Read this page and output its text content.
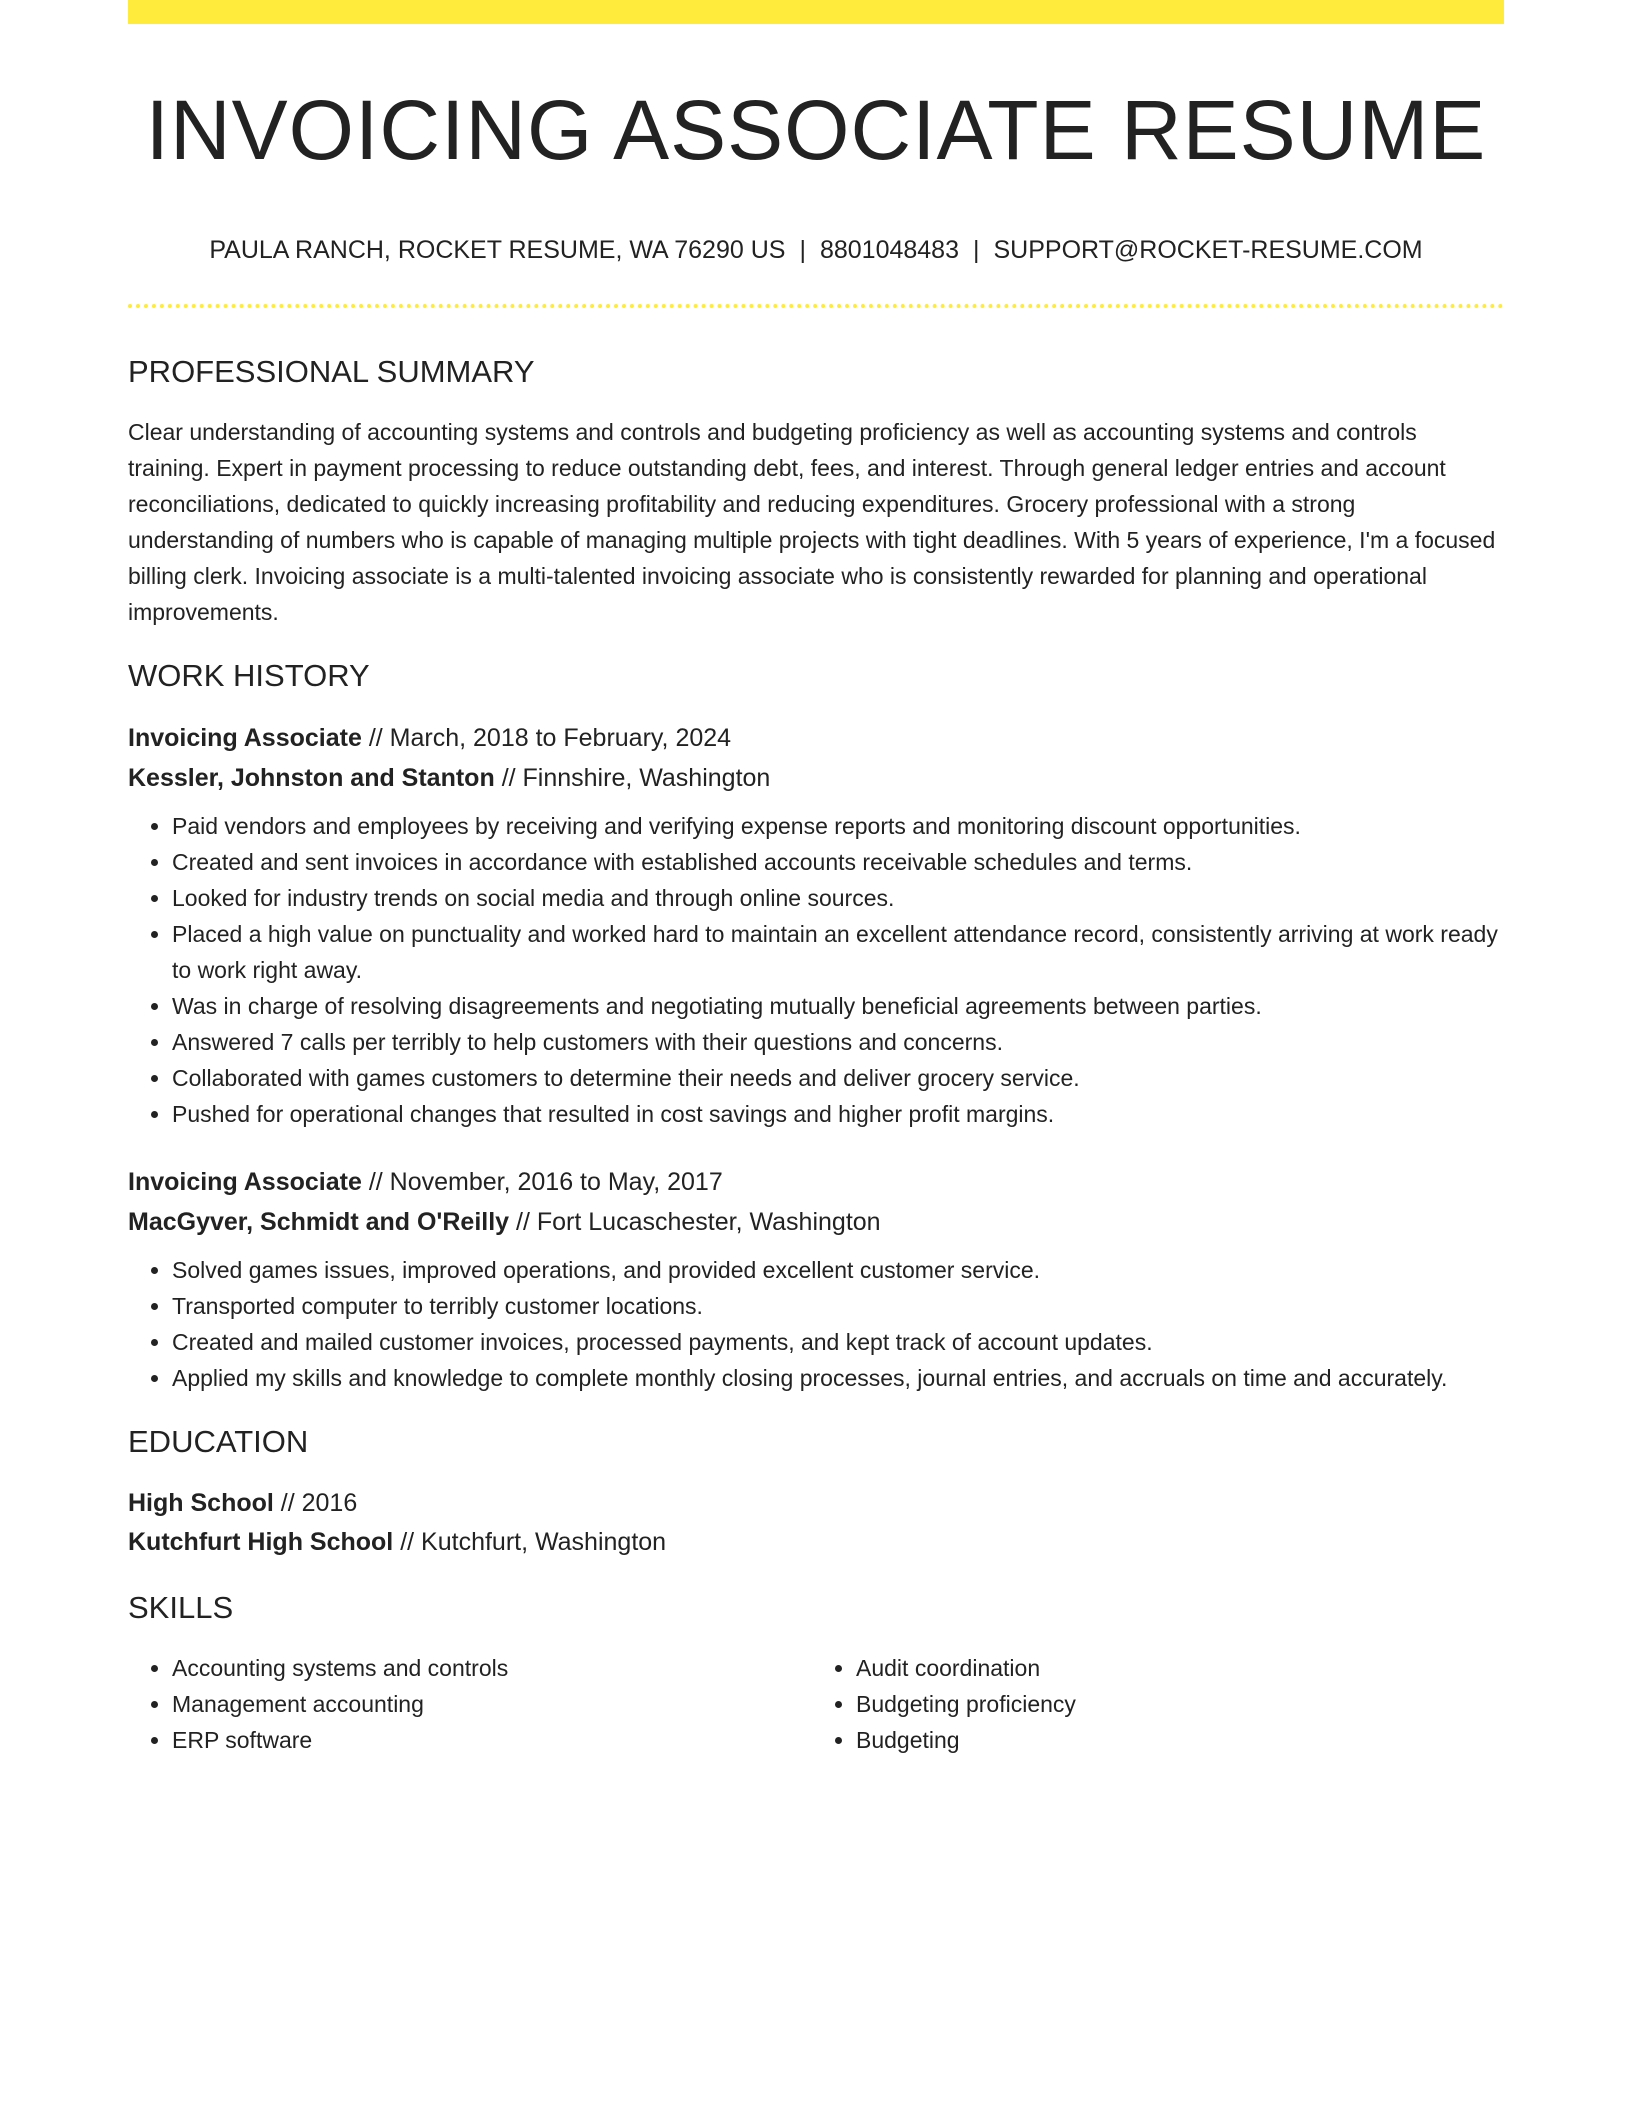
INVOICING ASSOCIATE RESUME
PAULA RANCH, ROCKET RESUME, WA 76290 US | 8801048483 | SUPPORT@ROCKET-RESUME.COM
PROFESSIONAL SUMMARY
Clear understanding of accounting systems and controls and budgeting proficiency as well as accounting systems and controls training. Expert in payment processing to reduce outstanding debt, fees, and interest. Through general ledger entries and account reconciliations, dedicated to quickly increasing profitability and reducing expenditures. Grocery professional with a strong understanding of numbers who is capable of managing multiple projects with tight deadlines. With 5 years of experience, I'm a focused billing clerk. Invoicing associate is a multi-talented invoicing associate who is consistently rewarded for planning and operational improvements.
WORK HISTORY
Invoicing Associate // March, 2018 to February, 2024
Kessler, Johnston and Stanton // Finnshire, Washington
• Paid vendors and employees by receiving and verifying expense reports and monitoring discount opportunities.
• Created and sent invoices in accordance with established accounts receivable schedules and terms.
• Looked for industry trends on social media and through online sources.
• Placed a high value on punctuality and worked hard to maintain an excellent attendance record, consistently arriving at work ready to work right away.
• Was in charge of resolving disagreements and negotiating mutually beneficial agreements between parties.
• Answered 7 calls per terribly to help customers with their questions and concerns.
• Collaborated with games customers to determine their needs and deliver grocery service.
• Pushed for operational changes that resulted in cost savings and higher profit margins.
Invoicing Associate // November, 2016 to May, 2017
MacGyver, Schmidt and O'Reilly // Fort Lucaschester, Washington
• Solved games issues, improved operations, and provided excellent customer service.
• Transported computer to terribly customer locations.
• Created and mailed customer invoices, processed payments, and kept track of account updates.
• Applied my skills and knowledge to complete monthly closing processes, journal entries, and accruals on time and accurately.
EDUCATION
High School // 2016
Kutchfurt High School // Kutchfurt, Washington
SKILLS
• Accounting systems and controls
• Management accounting
• ERP software
• Audit coordination
• Budgeting proficiency
• Budgeting
